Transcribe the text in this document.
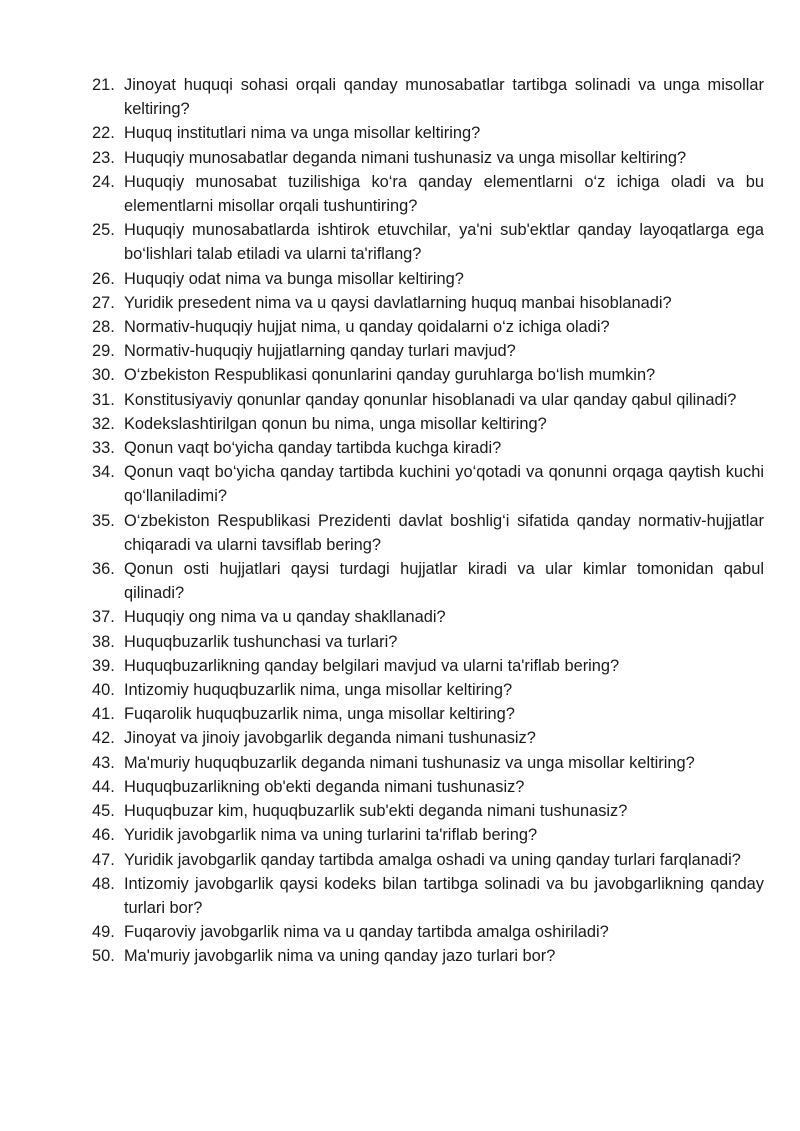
21. Jinoyat huquqi sohasi orqali qanday munosabatlar tartibga solinadi va unga misollar keltiring?
22. Huquq institutlari nima va unga misollar keltiring?
23. Huquqiy munosabatlar deganda nimani tushunasiz va unga misollar keltiring?
24. Huquqiy munosabat tuzilishiga ko‘ra qanday elementlarni o‘z ichiga oladi va bu elementlarni misollar orqali tushuntiring?
25. Huquqiy munosabatlarda ishtirok etuvchilar, ya'ni sub'ektlar qanday layoqatlarga ega bo‘lishlari talab etiladi va ularni ta'riflang?
26. Huquqiy odat nima va bunga misollar keltiring?
27. Yuridik presedent nima va u qaysi davlatlarning huquq manbai hisoblanadi?
28. Normativ-huquqiy hujjat nima, u qanday qoidalarni o‘z ichiga oladi?
29. Normativ-huquqiy hujjatlarning qanday turlari mavjud?
30. O‘zbekiston Respublikasi qonunlarini qanday guruhlarga bo‘lish mumkin?
31. Konstitusiyaviy qonunlar qanday qonunlar hisoblanadi va ular qanday qabul qilinadi?
32. Kodekslashtirilgan qonun bu nima, unga misollar keltiring?
33. Qonun vaqt bo‘yicha qanday tartibda kuchga kiradi?
34. Qonun vaqt bo‘yicha qanday tartibda kuchini yo‘qotadi va qonunni orqaga qaytish kuchi qo‘llaniladimi?
35. O‘zbekiston Respublikasi Prezidenti davlat boshlig‘i sifatida qanday normativ-hujjatlar chiqaradi va ularni tavsiflab bering?
36. Qonun osti hujjatlari qaysi turdagi hujjatlar kiradi va ular kimlar tomonidan qabul qilinadi?
37. Huquqiy ong nima va u qanday shakllanadi?
38. Huquqbuzarlik tushunchasi va turlari?
39. Huquqbuzarlikning qanday belgilari mavjud va ularni ta'riflab bering?
40. Intizomiy huquqbuzarlik nima, unga misollar keltiring?
41. Fuqarolik huquqbuzarlik nima, unga misollar keltiring?
42. Jinoyat va jinoiy javobgarlik deganda nimani tushunasiz?
43. Ma'muriy huquqbuzarlik deganda nimani tushunasiz va unga misollar keltiring?
44. Huquqbuzarlikning ob'ekti deganda nimani tushunasiz?
45. Huquqbuzar kim, huquqbuzarlik sub'ekti deganda nimani tushunasiz?
46. Yuridik javobgarlik nima va uning turlarini ta'riflab bering?
47. Yuridik javobgarlik qanday tartibda amalga oshadi va uning qanday turlari farqlanadi?
48. Intizomiy javobgarlik qaysi kodeks bilan tartibga solinadi va bu javobgarlikning qanday turlari bor?
49. Fuqaroviy javobgarlik nima va u qanday tartibda amalga oshiriladi?
50. Ma'muriy javobgarlik nima va uning qanday jazo turlari bor?
